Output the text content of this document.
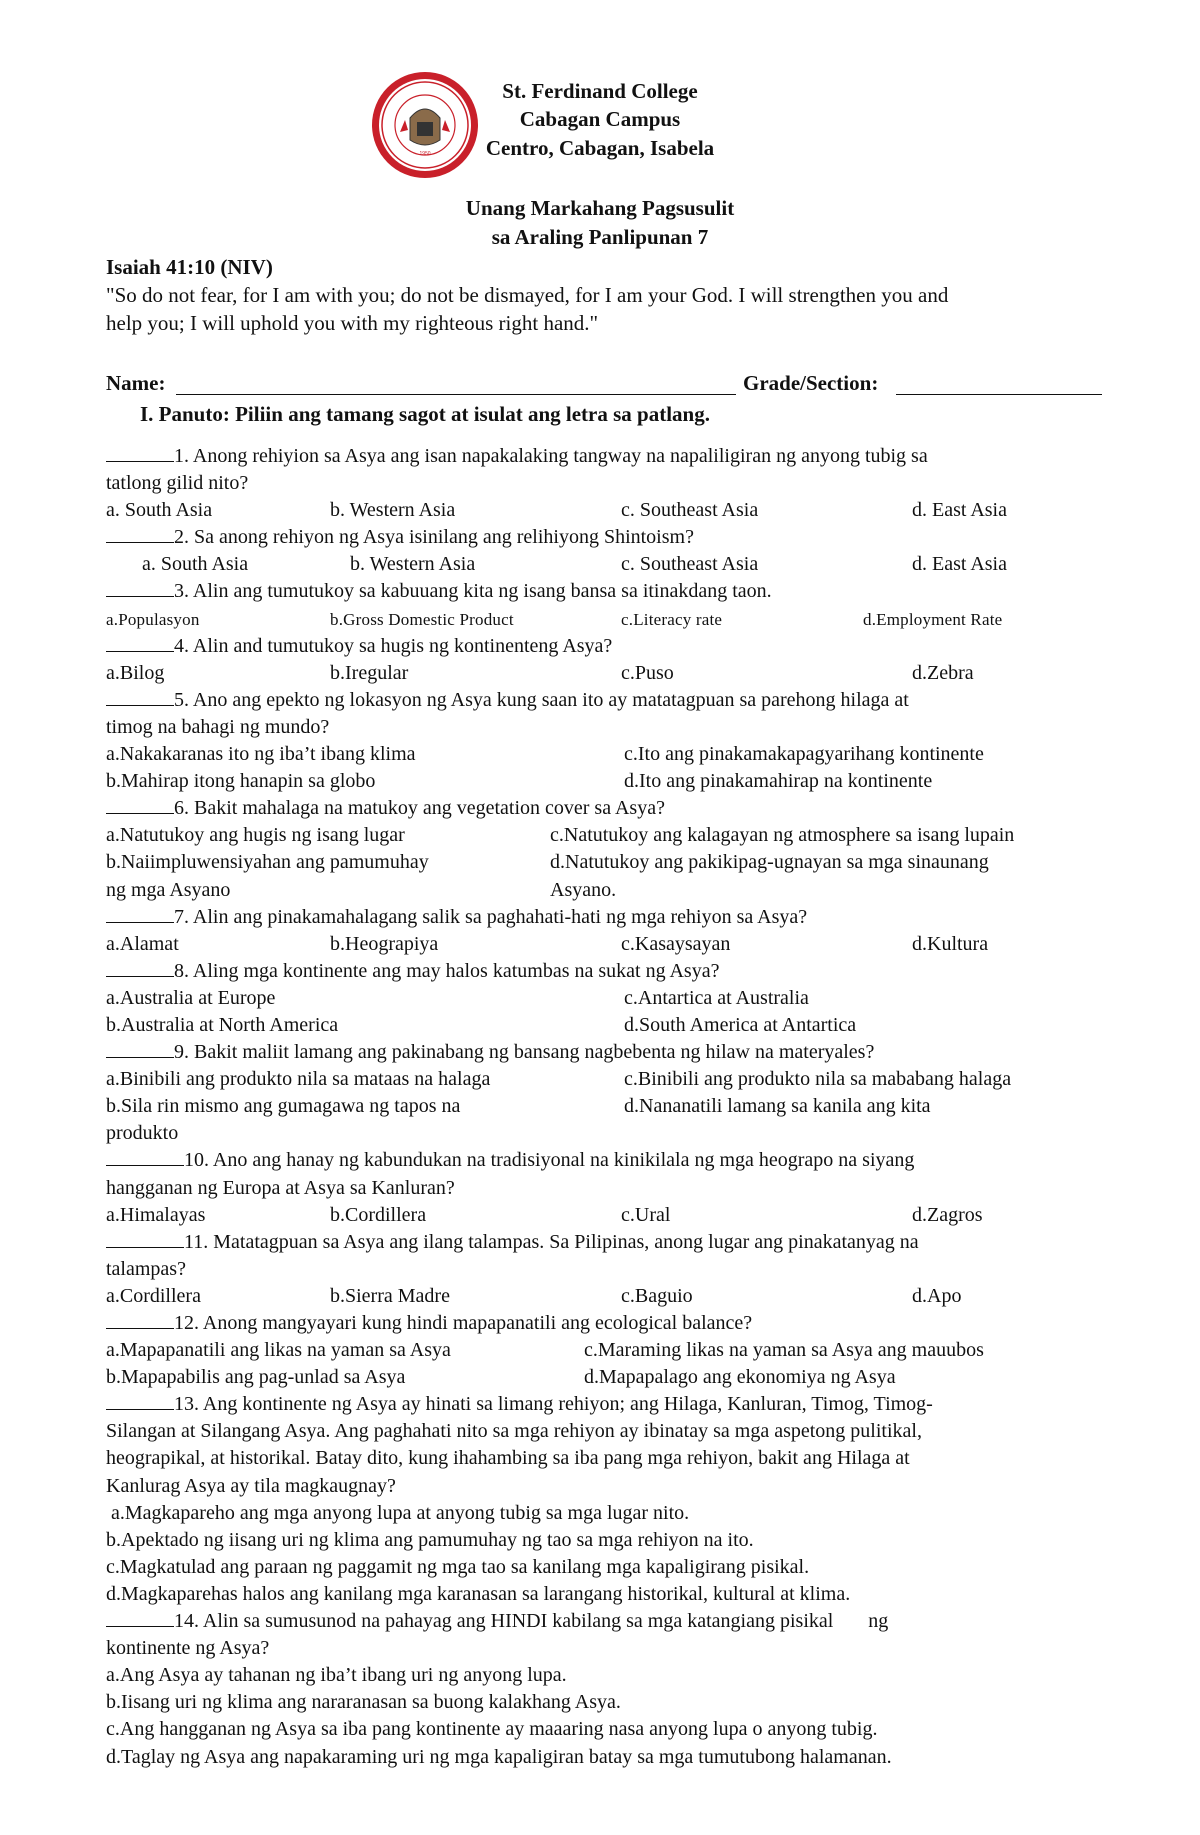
1950
St. Ferdinand College
Cabagan Campus
Centro, Cabagan, Isabela
Unang Markahang Pagsusulit
sa Araling Panlipunan 7
Isaiah 41:10 (NIV)
"So do not fear, for I am with you; do not be dismayed, for I am your God. I will strengthen you and
help you; I will uphold you with my righteous right hand."
Name:	Grade/Section:
I. Panuto: Piliin ang tamang sagot at isulat ang letra sa patlang.
1. Anong rehiyion sa Asya ang isan napakalaking tangway na napaliligiran ng anyong tubig sa
tatlong gilid nito?
a. South Asia	b. Western Asia	c. Southeast Asia	d. East Asia
2. Sa anong rehiyon ng Asya isinilang ang relihiyong Shintoism?
a. South Asia	b. Western Asia	c. Southeast Asia	d. East Asia
3. Alin ang tumutukoy sa kabuuang kita ng isang bansa sa itinakdang taon.
a.Populasyon	b.Gross Domestic Product	c.Literacy rate	d.Employment Rate
4. Alin and tumutukoy sa hugis ng kontinenteng Asya?
a.Bilog	b.Iregular	c.Puso	d.Zebra
5. Ano ang epekto ng lokasyon ng Asya kung saan ito ay matatagpuan sa parehong hilaga at
timog na bahagi ng mundo?
a.Nakakaranas ito ng iba’t ibang klima	c.Ito ang pinakamakapagyarihang kontinente
b.Mahirap itong hanapin sa globo	d.Ito ang pinakamahirap na kontinente
6. Bakit mahalaga na matukoy ang vegetation cover sa Asya?
a.Natutukoy ang hugis ng isang lugar	c.Natutukoy ang kalagayan ng atmosphere sa isang lupain
b.Naiimpluwensiyahan ang pamumuhay	d.Natutukoy ang pakikipag-ugnayan sa mga sinaunang
ng mga Asyano	Asyano.
7. Alin ang pinakamahalagang salik sa paghahati-hati ng mga rehiyon sa Asya?
a.Alamat	b.Heograpiya	c.Kasaysayan	d.Kultura
8. Aling mga kontinente ang may halos katumbas na sukat ng Asya?
a.Australia at Europe	c.Antartica at Australia
b.Australia at North America	d.South America at Antartica
9. Bakit maliit lamang ang pakinabang ng bansang nagbebenta ng hilaw na materyales?
a.Binibili ang produkto nila sa mataas na halaga	c.Binibili ang produkto nila sa mababang halaga
b.Sila rin mismo ang gumagawa ng tapos na	d.Nananatili lamang sa kanila ang kita
produkto
10. Ano ang hanay ng kabundukan na tradisiyonal na kinikilala ng mga heograpo na siyang
hangganan ng Europa at Asya sa Kanluran?
a.Himalayas	b.Cordillera	c.Ural	d.Zagros
11. Matatagpuan sa Asya ang ilang talampas. Sa Pilipinas, anong lugar ang pinakatanyag na
talampas?
a.Cordillera	b.Sierra Madre	c.Baguio	d.Apo
12. Anong mangyayari kung hindi mapapanatili ang ecological balance?
a.Mapapanatili ang likas na yaman sa Asya	c.Maraming likas na yaman sa Asya ang mauubos
b.Mapapabilis ang pag-unlad sa Asya	d.Mapapalago ang ekonomiya ng Asya
13. Ang kontinente ng Asya ay hinati sa limang rehiyon; ang Hilaga, Kanluran, Timog, Timog-
Silangan at Silangang Asya. Ang paghahati nito sa mga rehiyon ay ibinatay sa mga aspetong pulitikal,
heograpikal, at historikal. Batay dito, kung ihahambing sa iba pang mga rehiyon, bakit ang Hilaga at
Kanlurag Asya ay tila magkaugnay?
a.Magkapareho ang mga anyong lupa at anyong tubig sa mga lugar nito.
b.Apektado ng iisang uri ng klima ang pamumuhay ng tao sa mga rehiyon na ito.
c.Magkatulad ang paraan ng paggamit ng mga tao sa kanilang mga kapaligirang pisikal.
d.Magkaparehas halos ang kanilang mga karanasan sa larangang historikal, kultural at klima.
14. Alin sa sumusunod na pahayag ang HINDI kabilang sa mga katangiang pisikal       ng
kontinente ng Asya?
a.Ang Asya ay tahanan ng iba’t ibang uri ng anyong lupa.
b.Iisang uri ng klima ang nararanasan sa buong kalakhang Asya.
c.Ang hangganan ng Asya sa iba pang kontinente ay maaaring nasa anyong lupa o anyong tubig.
d.Taglay ng Asya ang napakaraming uri ng mga kapaligiran batay sa mga tumutubong halamanan.
